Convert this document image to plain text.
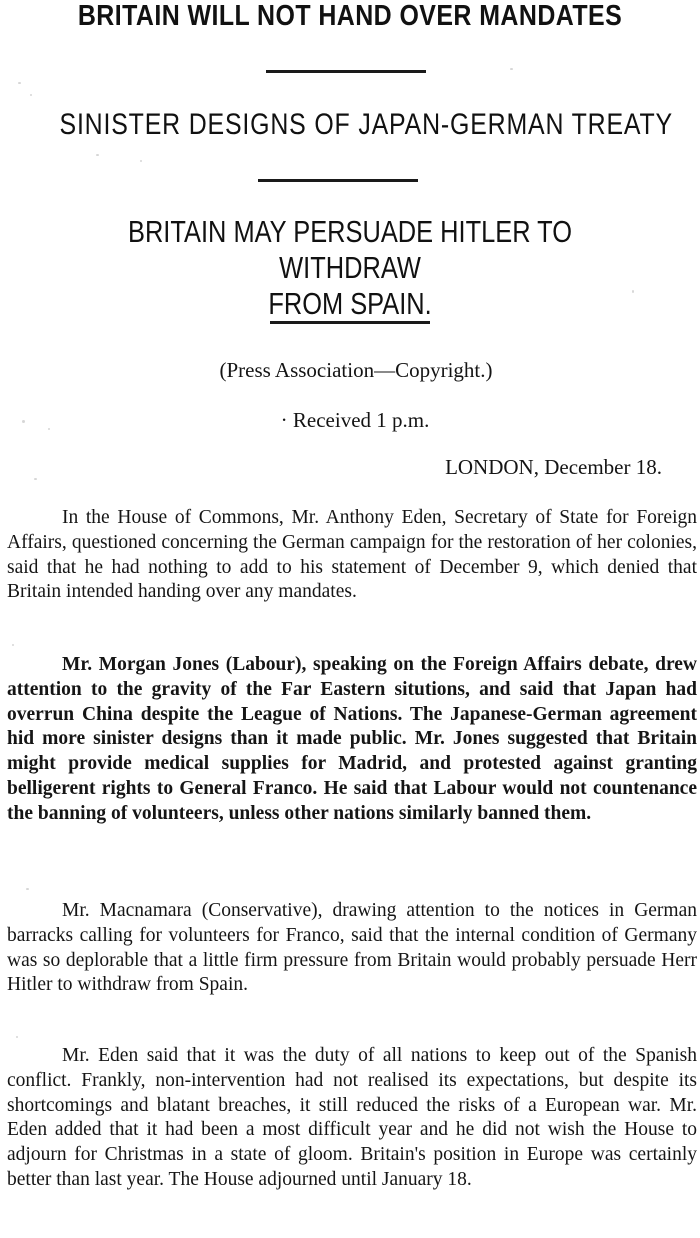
BRITAIN WILL NOT HAND OVER MANDATES
SINISTER DESIGNS OF JAPAN-GERMAN TREATY
BRITAIN MAY PERSUADE HITLER TO WITHDRAW
FROM SPAIN.
(Press Association—Copyright.)
· Received 1 p.m.
LONDON, December 18.

In the House of Commons, Mr. Anthony Eden, Secretary of State for Foreign Affairs, questioned concerning the German campaign for the restoration of her colonies, said that he had nothing to add to his statement of December 9, which denied that Britain intended handing over any mandates.

Mr. Morgan Jones (Labour), speaking on the Foreign Affairs debate, drew attention to the gravity of the Far Eastern situtions, and said that Japan had overrun China despite the League of Nations. The Japanese-German agreement hid more sinister designs than it made public. Mr. Jones suggested that Britain might provide medical supplies for Madrid, and protested against granting belligerent rights to General Franco. He said that Labour would not countenance the banning of volunteers, unless other nations similarly banned them.

Mr. Macnamara (Conservative), drawing attention to the notices in German barracks calling for volunteers for Franco, said that the internal condition of Germany was so deplorable that a little firm pressure from Britain would probably persuade Herr Hitler to withdraw from Spain.

Mr. Eden said that it was the duty of all nations to keep out of the Spanish conflict. Frankly, non-intervention had not realised its expectations, but despite its shortcomings and blatant breaches, it still reduced the risks of a European war. Mr. Eden added that it had been a most difficult year and he did not wish the House to adjourn for Christmas in a state of gloom. Britain's position in Europe was certainly better than last year. The House adjourned until January 18.
